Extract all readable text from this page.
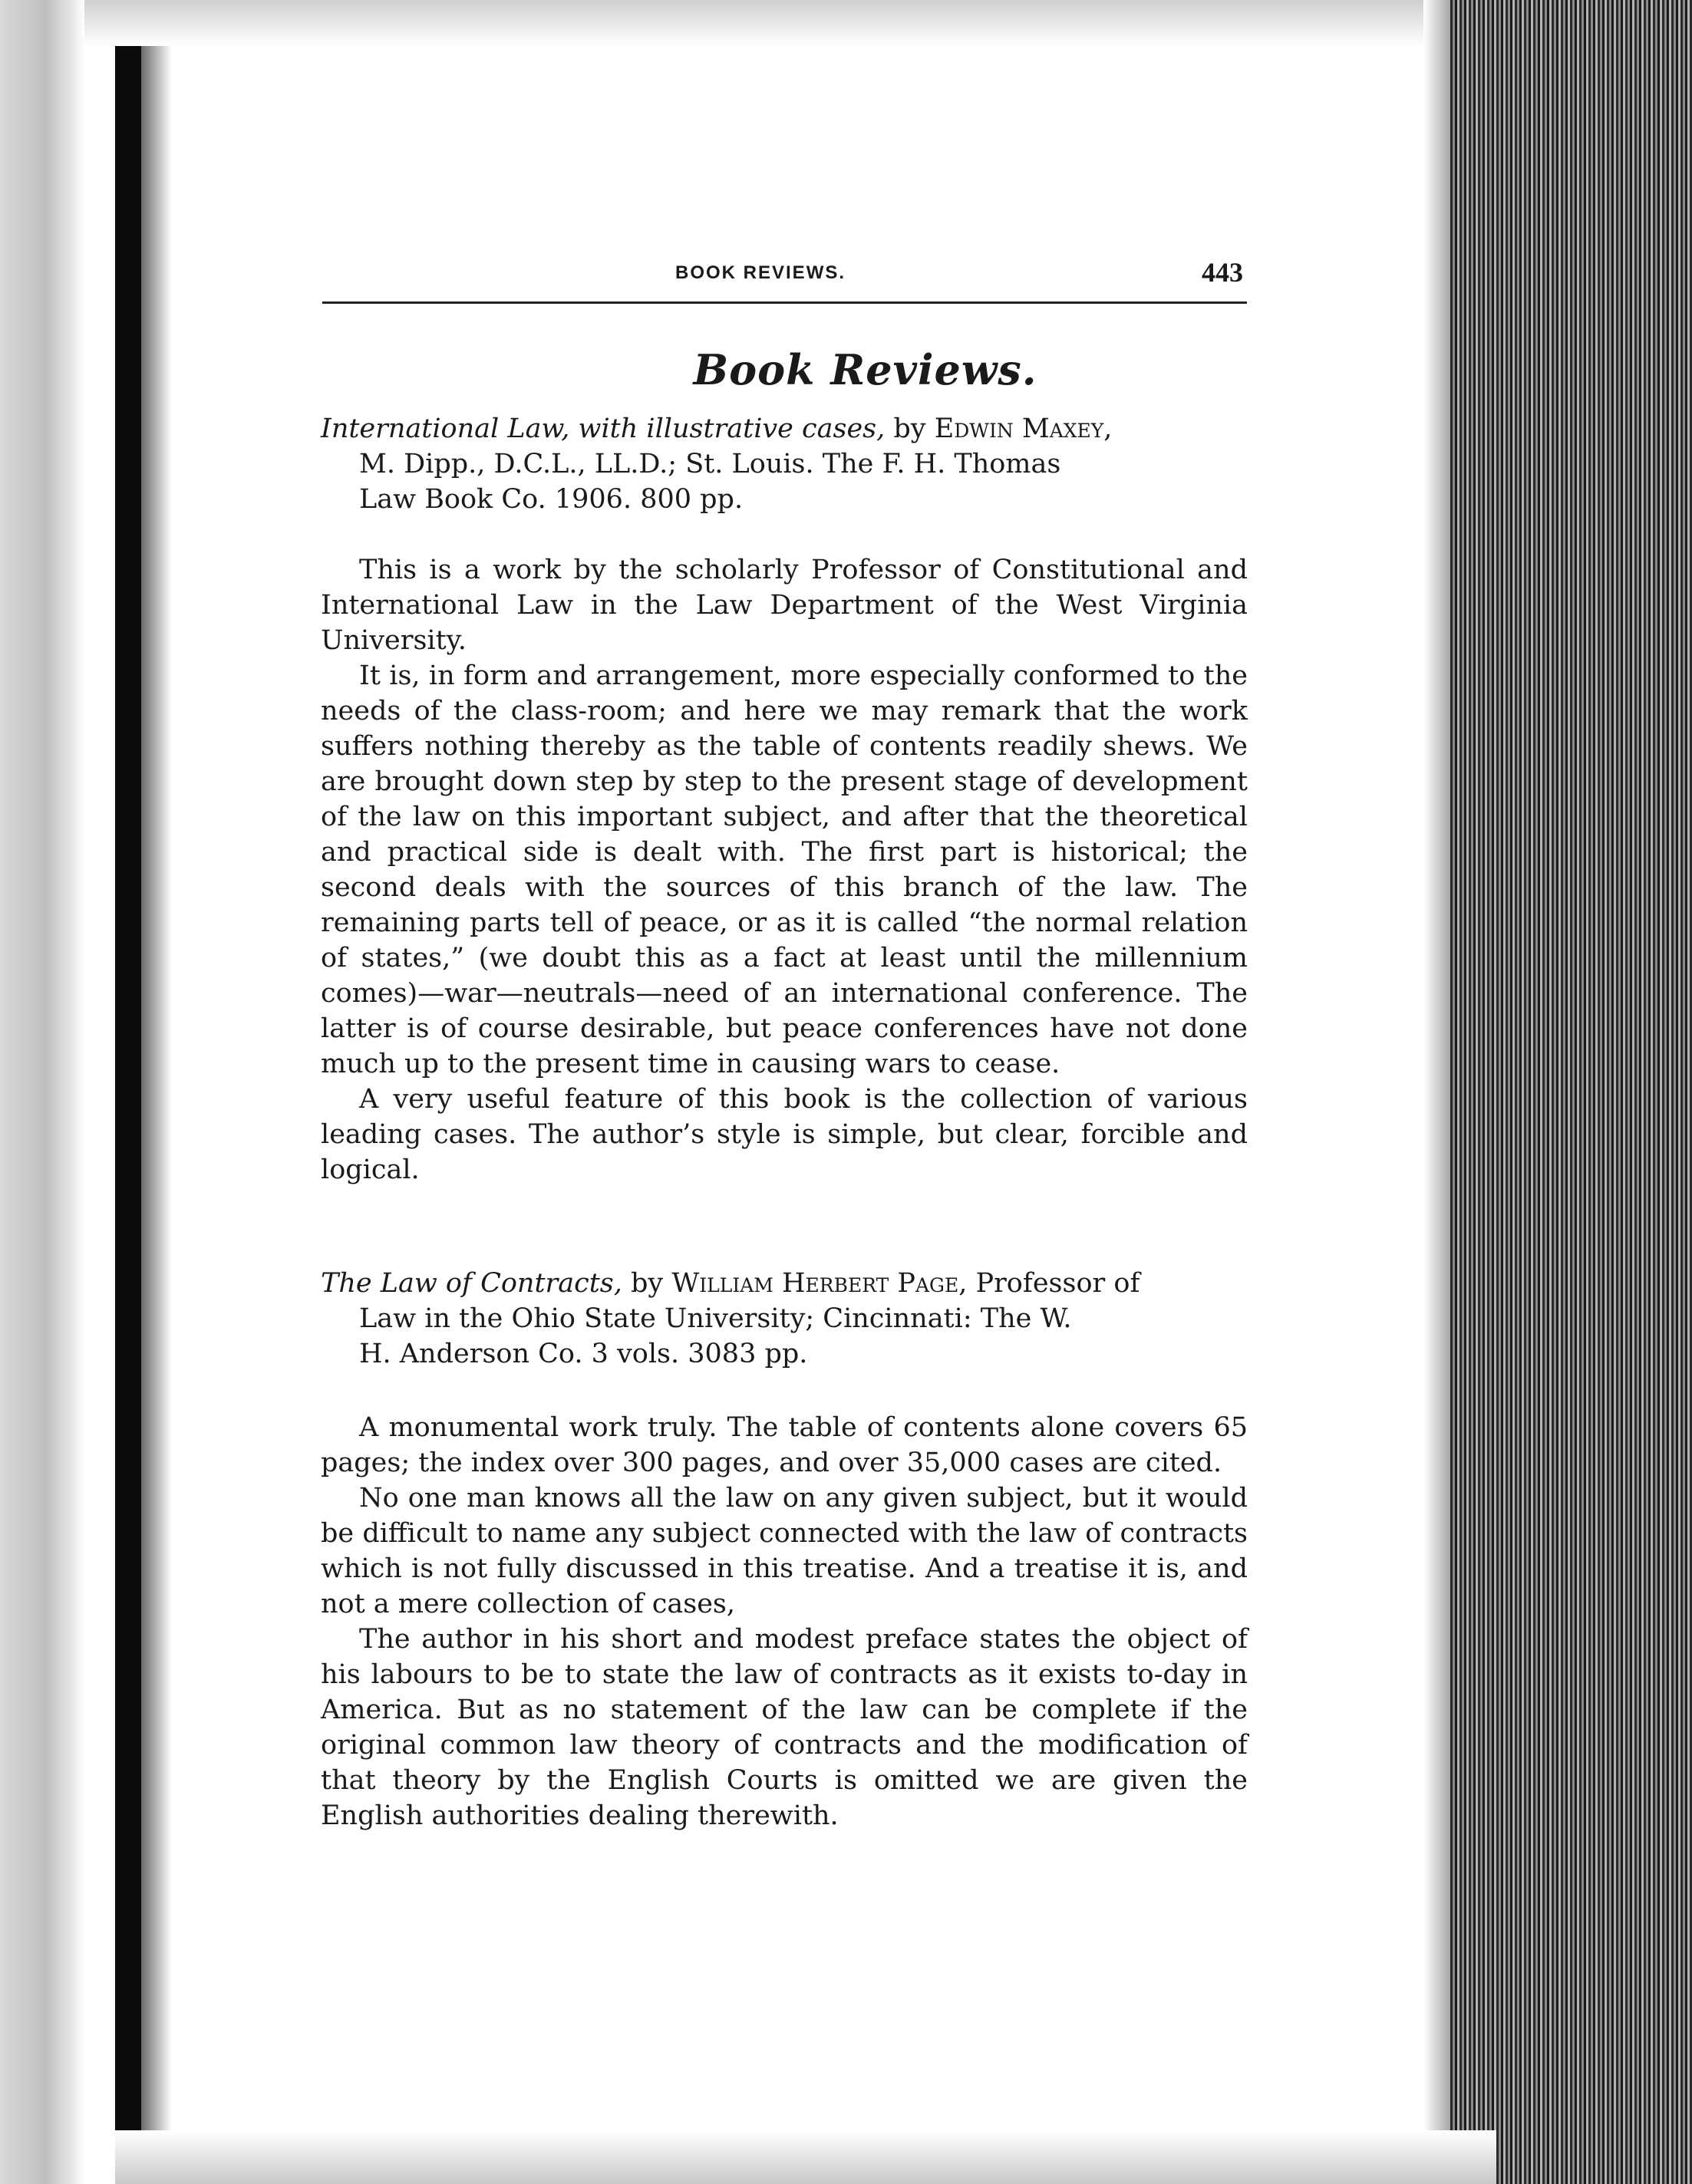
BOOK REVIEWS.	443
Book Reviews.
International Law, with illustrative cases, by Edwin Maxey,
M. Dipp., D.C.L., LL.D.; St. Louis. The F. H. Thomas
Law Book Co. 1906. 800 pp.

This is a work by the scholarly Professor of Constitutional and International Law in the Law Department of the West Virginia University.

It is, in form and arrangement, more especially conformed to the needs of the class-room; and here we may remark that the work suffers nothing thereby as the table of contents readily shews. We are brought down step by step to the present stage of development of the law on this important subject, and after that the theoretical and practical side is dealt with. The first part is historical; the second deals with the sources of this branch of the law. The remaining parts tell of peace, or as it is called “the normal relation of states,” (we doubt this as a fact at least until the millennium comes)—war—neutrals—need of an international conference. The latter is of course desirable, but peace conferences have not done much up to the present time in causing wars to cease.

A very useful feature of this book is the collection of various leading cases. The author’s style is simple, but clear, forcible and logical.

The Law of Contracts, by William Herbert Page, Professor of
Law in the Ohio State University; Cincinnati: The W.
H. Anderson Co. 3 vols. 3083 pp.

A monumental work truly. The table of contents alone covers 65 pages; the index over 300 pages, and over 35,000 cases are cited.

No one man knows all the law on any given subject, but it would be difficult to name any subject connected with the law of contracts which is not fully discussed in this treatise. And a treatise it is, and not a mere collection of cases,

The author in his short and modest preface states the object of his labours to be to state the law of contracts as it exists to-day in America. But as no statement of the law can be complete if the original common law theory of contracts and the modification of that theory by the English Courts is omitted we are given the English authorities dealing therewith.
